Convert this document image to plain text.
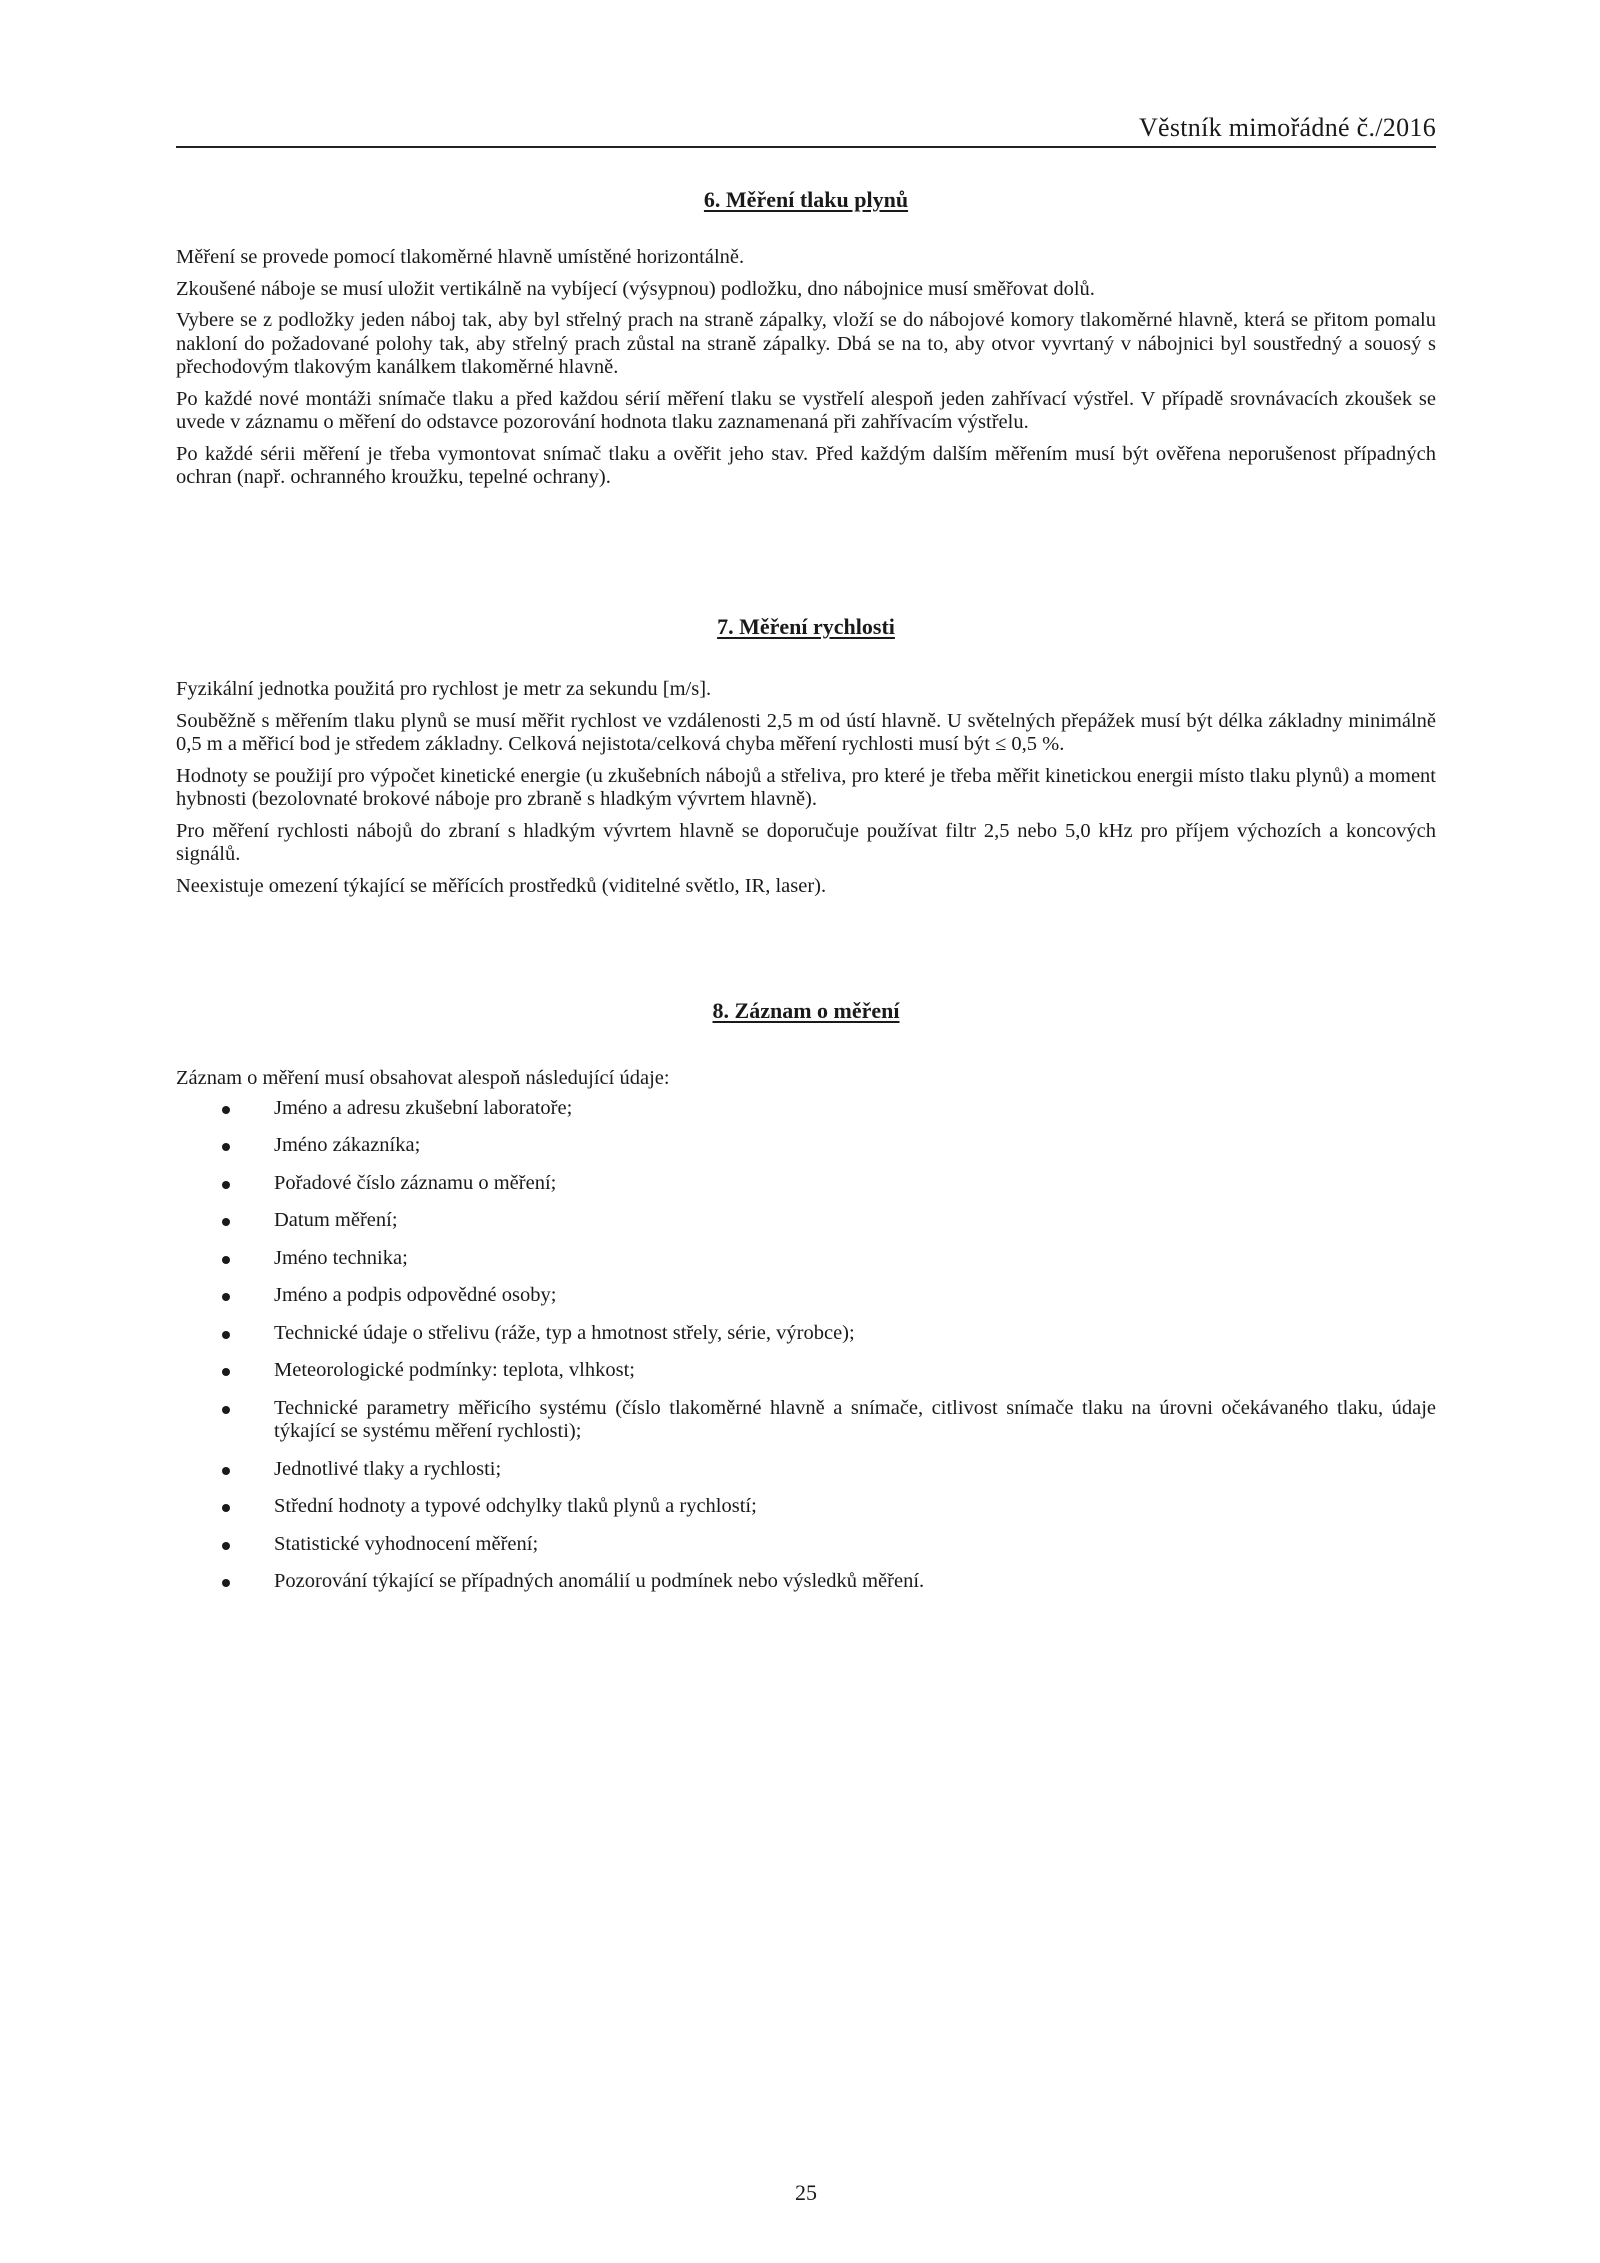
Věstník mimořádné č./2016
6. Měření tlaku plynů

Měření se provede pomocí tlakoměrné hlavně umístěné horizontálně.

Zkoušené náboje se musí uložit vertikálně na vybíjecí (výsypnou) podložku, dno nábojnice musí směřovat dolů.

Vybere se z podložky jeden náboj tak, aby byl střelný prach na straně zápalky, vloží se do nábojové komory tlakoměrné hlavně, která se přitom pomalu nakloní do požadované polohy tak, aby střelný prach zůstal na straně zápalky. Dbá se na to, aby otvor vyvrtaný v nábojnici byl soustředný a souosý s přechodovým tlakovým kanálkem tlakoměrné hlavně.

Po každé nové montáži snímače tlaku a před každou sérií měření tlaku se vystřelí alespoň jeden zahřívací výstřel. V případě srovnávacích zkoušek se uvede v záznamu o měření do odstavce pozorování hodnota tlaku zaznamenaná při zahřívacím výstřelu.

Po každé sérii měření je třeba vymontovat snímač tlaku a ověřit jeho stav. Před každým dalším měřením musí být ověřena neporušenost případných ochran (např. ochranného kroužku, tepelné ochrany).

7. Měření rychlosti

Fyzikální jednotka použitá pro rychlost je metr za sekundu [m/s].

Souběžně s měřením tlaku plynů se musí měřit rychlost ve vzdálenosti 2,5 m od ústí hlavně. U světelných přepážek musí být délka základny minimálně 0,5 m a měřicí bod je středem základny. Celková nejistota/celková chyba měření rychlosti musí být ≤ 0,5 %.

Hodnoty se použijí pro výpočet kinetické energie (u zkušebních nábojů a střeliva, pro které je třeba měřit kinetickou energii místo tlaku plynů) a moment hybnosti (bezolovnaté brokové náboje pro zbraně s hladkým vývrtem hlavně).

Pro měření rychlosti nábojů do zbraní s hladkým vývrtem hlavně se doporučuje používat filtr 2,5 nebo 5,0 kHz pro příjem výchozích a koncových signálů.

Neexistuje omezení týkající se měřících prostředků (viditelné světlo, IR, laser).

8. Záznam o měření

Záznam o měření musí obsahovat alespoň následující údaje:

Jméno a adresu zkušební laboratoře;
Jméno zákazníka;
Pořadové číslo záznamu o měření;
Datum měření;
Jméno technika;
Jméno a podpis odpovědné osoby;
Technické údaje o střelivu (ráže, typ a hmotnost střely, série, výrobce);
Meteorologické podmínky: teplota, vlhkost;
Technické parametry měřicího systému (číslo tlakoměrné hlavně a snímače, citlivost snímače tlaku na úrovni očekávaného tlaku, údaje týkající se systému měření rychlosti);
Jednotlivé tlaky a rychlosti;
Střední hodnoty a typové odchylky tlaků plynů a rychlostí;
Statistické vyhodnocení měření;
Pozorování týkající se případných anomálií u podmínek nebo výsledků měření.
25
